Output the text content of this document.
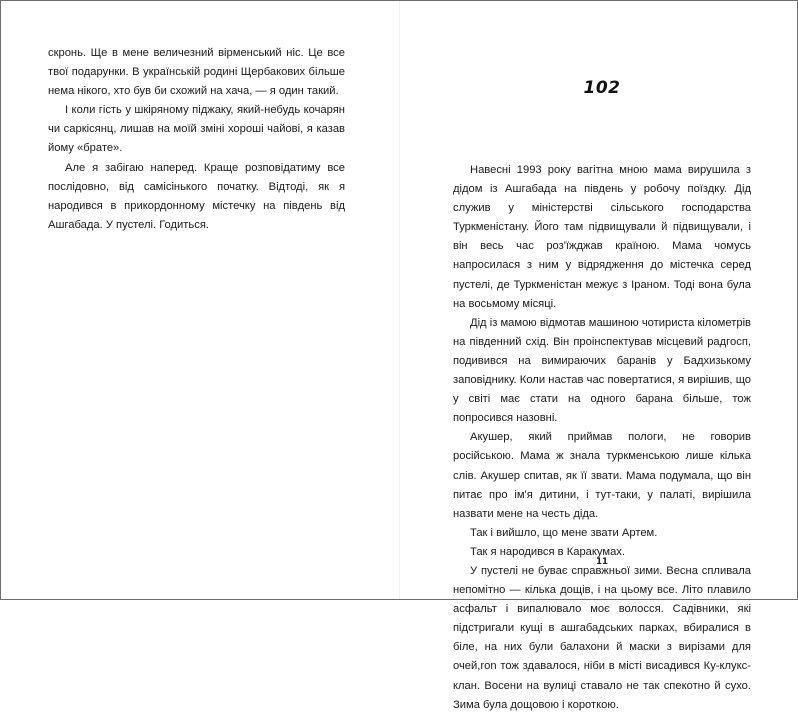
скронь. Ще в мене величезний вірменський ніс. Це все твої подарунки. В українській родині Щербакових більше нема нікого, хто був би схожий на хача, — я один такий.

І коли гість у шкіряному піджаку, який-небудь кочарян чи саркісянц, лишав на моїй зміні хороші чайові, я казав йому «брате».

Але я забігаю наперед. Краще розповідатиму все послідовно, від самісінького початку. Відтоді, як я народився в прикордонному містечку на південь від Ашгабада. У пустелі. Годиться.

102

Навесні 1993 року вагітна мною мама вирушила з дідом із Ашгабада на південь у робочу поїздку. Дід служив у міністерстві сільського господарства Туркменістану. Його там підвищували й підвищували, і він весь час роз'їжджав країною. Мама чомусь напросилася з ним у відрядження до містечка серед пустелі, де Туркменістан межує з Іраном. Тоді вона була на восьмому місяці.

Дід із мамою відмотав машиною чотириста кілометрів на південний схід. Він проінспектував місцевий радгосп, подивився на вимираючих баранів у Бадхизькому заповіднику. Коли настав час повертатися, я вирішив, що у світі має стати на одного барана більше, тож попросився назовні.

Акушер, який приймав пологи, не говорив російською. Мама ж знала туркменською лише кілька слів. Акушер спитав, як її звати. Мама подумала, що він питає про ім'я дитини, і тут-таки, у палаті, вирішила назвати мене на честь діда.

Так і вийшло, що мене звати Артем.

Так я народився в Каракумах.

У пустелі не буває справжньої зими. Весна спливала непомітно — кілька дощів, і на цьому все. Літо плавило асфальт і випалювало моє волосся. Садівники, які підстригали кущі в ашгабадських парках, вбиралися в біле, на них були балахони й маски з вирізами для очей,ron тож здавалося, ніби в місті висадився Ку-клукс-клан. Восени на вулиці ставало не так спекотно й сухо. Зима була дощовою і короткою.

11
